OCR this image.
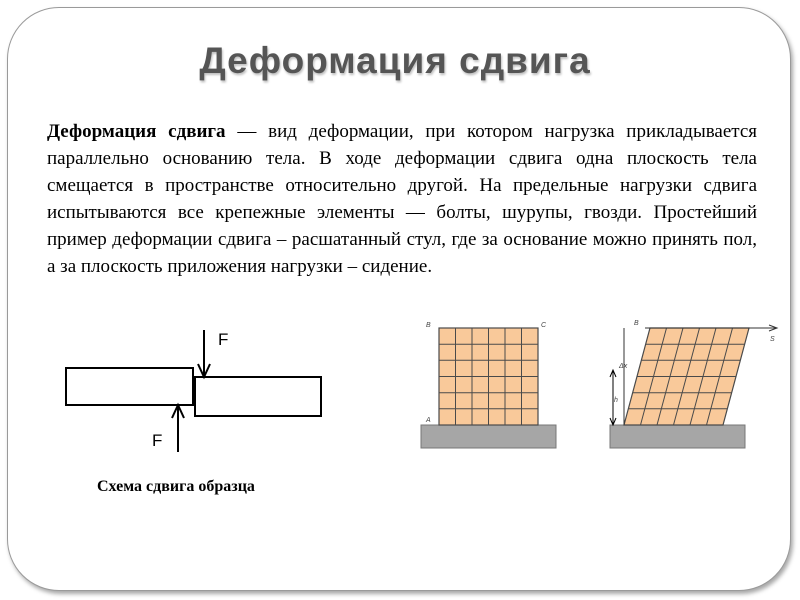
Деформация сдвига
Деформация сдвига — вид деформации, при котором нагрузка прикладывается параллельно основанию тела. В ходе деформации сдвига одна плоскость тела смещается в пространстве относительно другой. На предельные нагрузки сдвига испытываются все крепежные элементы — болты, шурупы, гвозди. Простейший пример деформации сдвига – расшатанный стул, где за основание можно принять пол, а за плоскость приложения нагрузки – сидение.
F
F
Схема сдвига образца
B	C
A
B
S
Δx
h
